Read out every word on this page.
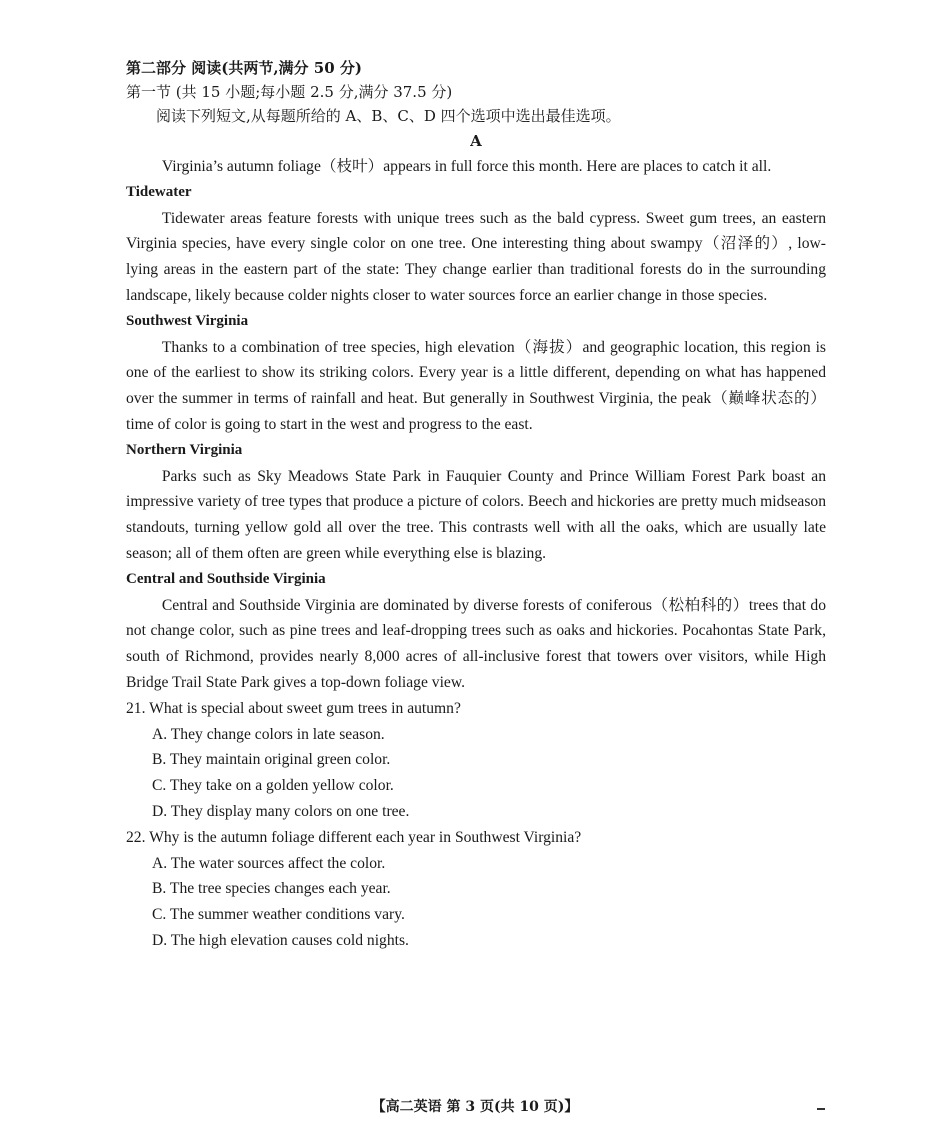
第二部分 阅读(共两节,满分 50 分)
第一节 (共 15 小题;每小题 2.5 分,满分 37.5 分)
阅读下列短文,从每题所给的 A、B、C、D 四个选项中选出最佳选项。
A

Virginia’s autumn foliage（枝叶）appears in full force this month. Here are places to catch it all.

Tidewater

Tidewater areas feature forests with unique trees such as the bald cypress. Sweet gum trees, an eastern Virginia species, have every single color on one tree. One interesting thing about swampy（沼泽的）, low-lying areas in the eastern part of the state: They change earlier than traditional forests do in the surrounding landscape, likely because colder nights closer to water sources force an earlier change in those species.

Southwest Virginia

Thanks to a combination of tree species, high elevation（海拔）and geographic location, this region is one of the earliest to show its striking colors. Every year is a little different, depending on what has happened over the summer in terms of rainfall and heat. But generally in Southwest Virginia, the peak（巅峰状态的）time of color is going to start in the west and progress to the east.

Northern Virginia

Parks such as Sky Meadows State Park in Fauquier County and Prince William Forest Park boast an impressive variety of tree types that produce a picture of colors. Beech and hickories are pretty much midseason standouts, turning yellow gold all over the tree. This contrasts well with all the oaks, which are usually late season; all of them often are green while everything else is blazing.

Central and Southside Virginia

Central and Southside Virginia are dominated by diverse forests of coniferous（松柏科的）trees that do not change color, such as pine trees and leaf-dropping trees such as oaks and hickories. Pocahontas State Park, south of Richmond, provides nearly 8,000 acres of all-inclusive forest that towers over visitors, while High Bridge Trail State Park gives a top-down foliage view.

21. What is special about sweet gum trees in autumn?
A. They change colors in late season.
B. They maintain original green color.
C. They take on a golden yellow color.
D. They display many colors on one tree.
22. Why is the autumn foliage different each year in Southwest Virginia?
A. The water sources affect the color.
B. The tree species changes each year.
C. The summer weather conditions vary.
D. The high elevation causes cold nights.
【高二英语 第 3 页(共 10 页)】
